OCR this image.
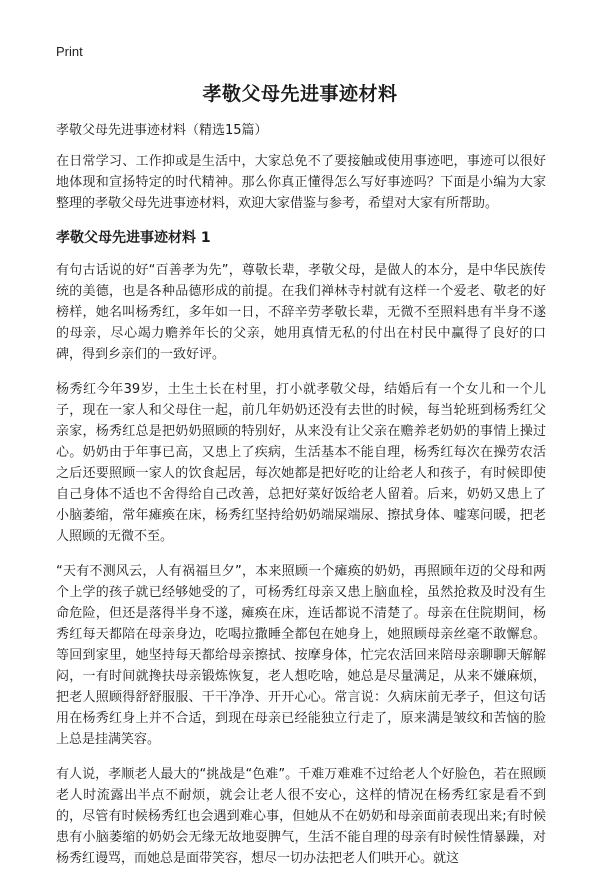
Print
孝敬父母先进事迹材料
孝敬父母先进事迹材料（精选15篇）

在日常学习、工作抑或是生活中，大家总免不了要接触或使用事迹吧，事迹可以很好地体现和宣扬特定的时代精神。那么你真正懂得怎么写好事迹吗？下面是小编为大家整理的孝敬父母先进事迹材料，欢迎大家借鉴与参考，希望对大家有所帮助。

孝敬父母先进事迹材料 1

有句古话说的好“百善孝为先”，尊敬长辈，孝敬父母，是做人的本分，是中华民族传统的美德，也是各种品德形成的前提。在我们禅林寺村就有这样一个爱老、敬老的好榜样，她名叫杨秀红，多年如一日，不辞辛劳孝敬长辈，无微不至照料患有半身不遂的母亲，尽心竭力赡养年长的父亲，她用真情无私的付出在村民中赢得了良好的口碑，得到乡亲们的一致好评。

杨秀红今年39岁，土生土长在村里，打小就孝敬父母，结婚后有一个女儿和一个儿子，现在一家人和父母住一起，前几年奶奶还没有去世的时候，每当轮班到杨秀红父亲家，杨秀红总是把奶奶照顾的特别好，从来没有让父亲在赡养老奶奶的事情上操过心。奶奶由于年事已高，又患上了疾病，生活基本不能自理，杨秀红每次在操劳农活之后还要照顾一家人的饮食起居，每次她都是把好吃的让给老人和孩子，有时候即使自己身体不适也不舍得给自己改善，总把好菜好饭给老人留着。后来，奶奶又患上了小脑萎缩，常年瘫痪在床，杨秀红坚持给奶奶端屎端尿、擦拭身体、嘘寒问暖，把老人照顾的无微不至。

“天有不测风云，人有祸福旦夕”，本来照顾一个瘫痪的奶奶，再照顾年迈的父母和两个上学的孩子就已经够她受的了，可杨秀红母亲又患上脑血栓，虽然抢救及时没有生命危险，但还是落得半身不遂，瘫痪在床，连话都说不清楚了。母亲在住院期间，杨秀红每天都陪在母亲身边，吃喝拉撒睡全都包在她身上，她照顾母亲丝毫不敢懈怠。等回到家里，她坚持每天都给母亲擦拭、按摩身体，忙完农活回来陪母亲聊聊天解解闷，一有时间就搀扶母亲锻炼恢复，老人想吃啥，她总是尽量满足，从来不嫌麻烦，把老人照顾得舒舒服服、干干净净、开开心心。常言说：久病床前无孝子，但这句话用在杨秀红身上并不合适，到现在母亲已经能独立行走了，原来满是皱纹和苦恼的脸上总是挂满笑容。

有人说，孝顺老人最大的“挑战是“色难”。千难万难难不过给老人个好脸色，若在照顾老人时流露出半点不耐烦，就会让老人很不安心，这样的情况在杨秀红家是看不到的，尽管有时候杨秀红也会遇到难心事，但她从不在奶奶和母亲面前表现出来;有时候患有小脑萎缩的奶奶会无缘无故地耍脾气，生活不能自理的母亲有时候性情暴躁，对杨秀红谩骂，而她总是面带笑容，想尽一切办法把老人们哄开心。就这
